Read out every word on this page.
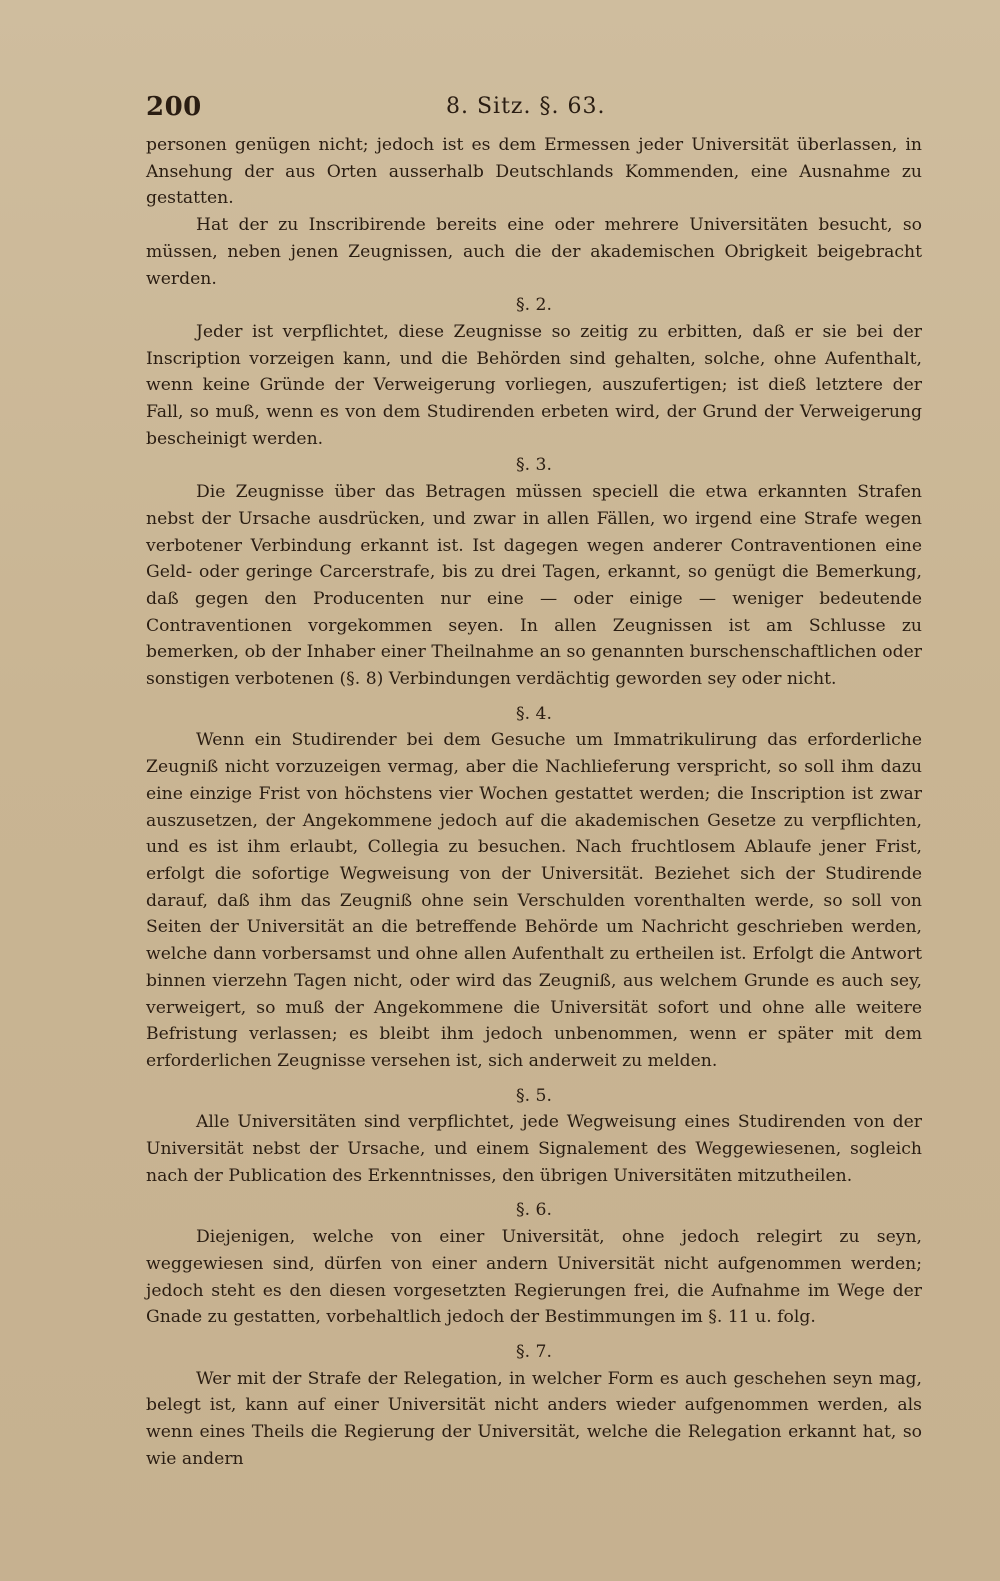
200	8. Sitz. §. 63.

personen genügen nicht; jedoch ist es dem Ermessen jeder Universität überlassen, in Ansehung der aus Orten ausserhalb Deutschlands Kommenden, eine Ausnahme zu gestatten.

Hat der zu Inscribirende bereits eine oder mehrere Universitäten besucht, so müssen, neben jenen Zeugnissen, auch die der akademischen Obrigkeit beigebracht werden.

§. 2.

Jeder ist verpflichtet, diese Zeugnisse so zeitig zu erbitten, daß er sie bei der Inscription vorzeigen kann, und die Behörden sind gehalten, solche, ohne Aufenthalt, wenn keine Gründe der Verweigerung vorliegen, auszufertigen; ist dieß letztere der Fall, so muß, wenn es von dem Studirenden erbeten wird, der Grund der Verweigerung bescheinigt werden.

§. 3.

Die Zeugnisse über das Betragen müssen speciell die etwa erkannten Strafen nebst der Ursache ausdrücken, und zwar in allen Fällen, wo irgend eine Strafe wegen verbotener Verbindung erkannt ist. Ist dagegen wegen anderer Contraventionen eine Geld- oder geringe Carcerstrafe, bis zu drei Tagen, erkannt, so genügt die Bemerkung, daß gegen den Producenten nur eine — oder einige — weniger bedeutende Contraventionen vorgekommen seyen. In allen Zeugnissen ist am Schlusse zu bemerken, ob der Inhaber einer Theilnahme an so genannten burschenschaftlichen oder sonstigen verbotenen (§. 8) Verbindungen verdächtig geworden sey oder nicht.

§. 4.

Wenn ein Studirender bei dem Gesuche um Immatrikulirung das erforderliche Zeugniß nicht vorzuzeigen vermag, aber die Nachlieferung verspricht, so soll ihm dazu eine einzige Frist von höchstens vier Wochen gestattet werden; die Inscription ist zwar auszusetzen, der Angekommene jedoch auf die akademischen Gesetze zu verpflichten, und es ist ihm erlaubt, Collegia zu besuchen. Nach fruchtlosem Ablaufe jener Frist, erfolgt die sofortige Wegweisung von der Universität. Beziehet sich der Studirende darauf, daß ihm das Zeugniß ohne sein Verschulden vorenthalten werde, so soll von Seiten der Universität an die betreffende Behörde um Nachricht geschrieben werden, welche dann vorbersamst und ohne allen Aufenthalt zu ertheilen ist. Erfolgt die Antwort binnen vierzehn Tagen nicht, oder wird das Zeugniß, aus welchem Grunde es auch sey, verweigert, so muß der Angekommene die Universität sofort und ohne alle weitere Befristung verlassen; es bleibt ihm jedoch unbenommen, wenn er später mit dem erforderlichen Zeugnisse versehen ist, sich anderweit zu melden.

§. 5.

Alle Universitäten sind verpflichtet, jede Wegweisung eines Studirenden von der Universität nebst der Ursache, und einem Signalement des Weggewiesenen, sogleich nach der Publication des Erkenntnisses, den übrigen Universitäten mitzutheilen.

§. 6.

Diejenigen, welche von einer Universität, ohne jedoch relegirt zu seyn, weggewiesen sind, dürfen von einer andern Universität nicht aufgenommen werden; jedoch steht es den diesen vorgesetzten Regierungen frei, die Aufnahme im Wege der Gnade zu gestatten, vorbehaltlich jedoch der Bestimmungen im §. 11 u. folg.

§. 7.

Wer mit der Strafe der Relegation, in welcher Form es auch geschehen seyn mag, belegt ist, kann auf einer Universität nicht anders wieder aufgenommen werden, als wenn eines Theils die Regierung der Universität, welche die Relegation erkannt hat, so wie andern
